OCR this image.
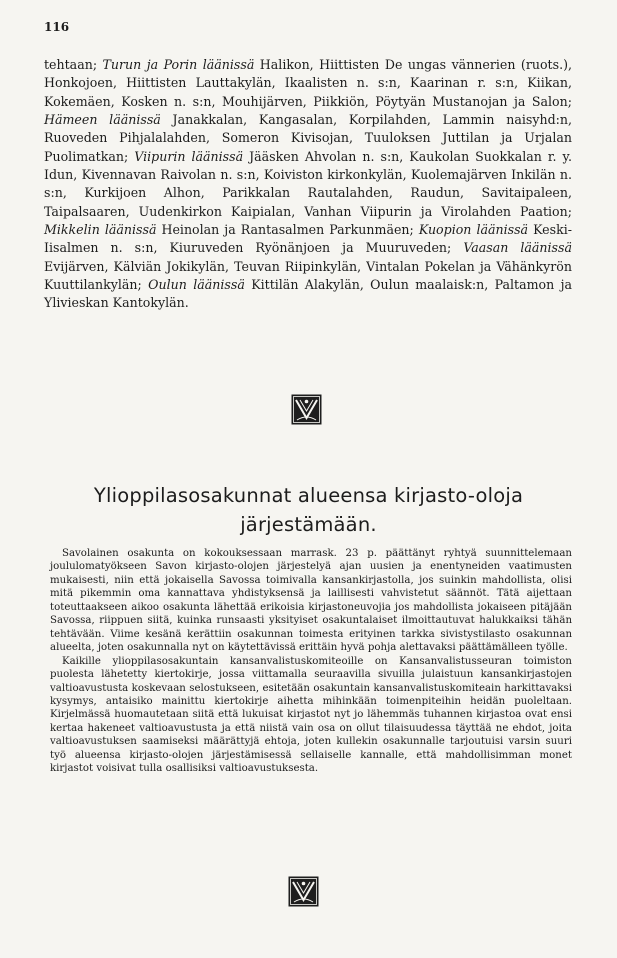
116

tehtaan; Turun ja Porin läänissä Halikon, Hiittisten De ungas vännerien (ruots.), Honkojoen, Hiittisten Lauttakylän, Ikaalisten n. s:n, Kaarinan r. s:n, Kiikan, Kokemäen, Kosken n. s:n, Mouhijärven, Piikkiön, Pöytyän Mustanojan ja Salon; Hämeen läänissä Janakkalan, Kangasalan, Korpilahden, Lammin naisyhd:n, Ruoveden Pihjalalahden, Someron Kivisojan, Tuuloksen Juttilan ja Urjalan Puolimatkan; Viipurin läänissä Jääsken Ahvolan n. s:n, Kaukolan Suokkalan r. y. Idun, Kivennavan Raivolan n. s:n, Koiviston kirkonkylän, Kuolemajärven Inkilän n. s:n, Kurkijoen Alhon, Parikkalan Rautalahden, Raudun, Savitaipaleen, Taipalsaaren, Uudenkirkon Kaipialan, Vanhan Viipurin ja Virolahden Paation; Mikkelin läänissä Heinolan ja Rantasalmen Parkunmäen; Kuopion läänissä Keski-Iisalmen n. s:n, Kiuruveden Ryönänjoen ja Muuruveden; Vaasan läänissä Evijärven, Kälviän Jokikylän, Teuvan Riipinkylän, Vintalan Pokelan ja Vähänkyrön Kuuttilankylän; Oulun läänissä Kittilän Alakylän, Oulun maalaisk:n, Paltamon ja Ylivieskan Kantokylän.

Ylioppilasosakunnat alueensa kirjasto-oloja
järjestämään.

Savolainen osakunta on kokouksessaan marrask. 23 p. päättänyt ryhtyä suunnittelemaan joululomatyökseen Savon kirjasto-olojen järjestelyä ajan uusien ja enentyneiden vaatimusten mukaisesti, niin että jokaisella Savossa toimivalla kansankirjastolla, jos suinkin mahdollista, olisi mitä pikemmin oma kannattava yhdistyksensä ja laillisesti vahvistetut säännöt. Tätä aijettaan toteuttaakseen aikoo osakunta lähettää erikoisia kirjastoneuvojia jos mahdollista jokaiseen pitäjään Savossa, riippuen siitä, kuinka runsaasti yksityiset osakuntalaiset ilmoittautuvat halukkaiksi tähän tehtävään. Viime kesänä kerättiin osakunnan toimesta erityinen tarkka sivistystilasto osakunnan alueelta, joten osakunnalla nyt on käytettävissä erittäin hyvä pohja alettavaksi päättämälleen työlle.

Kaikille ylioppilasosakuntain kansanvalistuskomiteoille on Kansanvalistusseuran toimiston puolesta lähetetty kiertokirje, jossa viittamalla seuraavilla sivuilla julaistuun kansankirjastojen valtioavustusta koskevaan selostukseen, esitetään osakuntain kansanvalistuskomiteain harkittavaksi kysymys, antaisiko mainittu kiertokirje aihetta mihinkään toimenpiteihin heidän puoleltaan. Kirjelmässä huomautetaan siitä että lukuisat kirjastot nyt jo lähemmäs tuhannen kirjastoa ovat ensi kertaa hakeneet valtioavustusta ja että niistä vain osa on ollut tilaisuudessa täyttää ne ehdot, joita valtioavustuksen saamiseksi määrättyjä ehtoja, joten kullekin osakunnalle tarjoutuisi varsin suuri työ alueensa kirjasto-olojen järjestämisessä sellaiselle kannalle, että mahdollisimman monet kirjastot voisivat tulla osallisiksi valtioavustuksesta.
